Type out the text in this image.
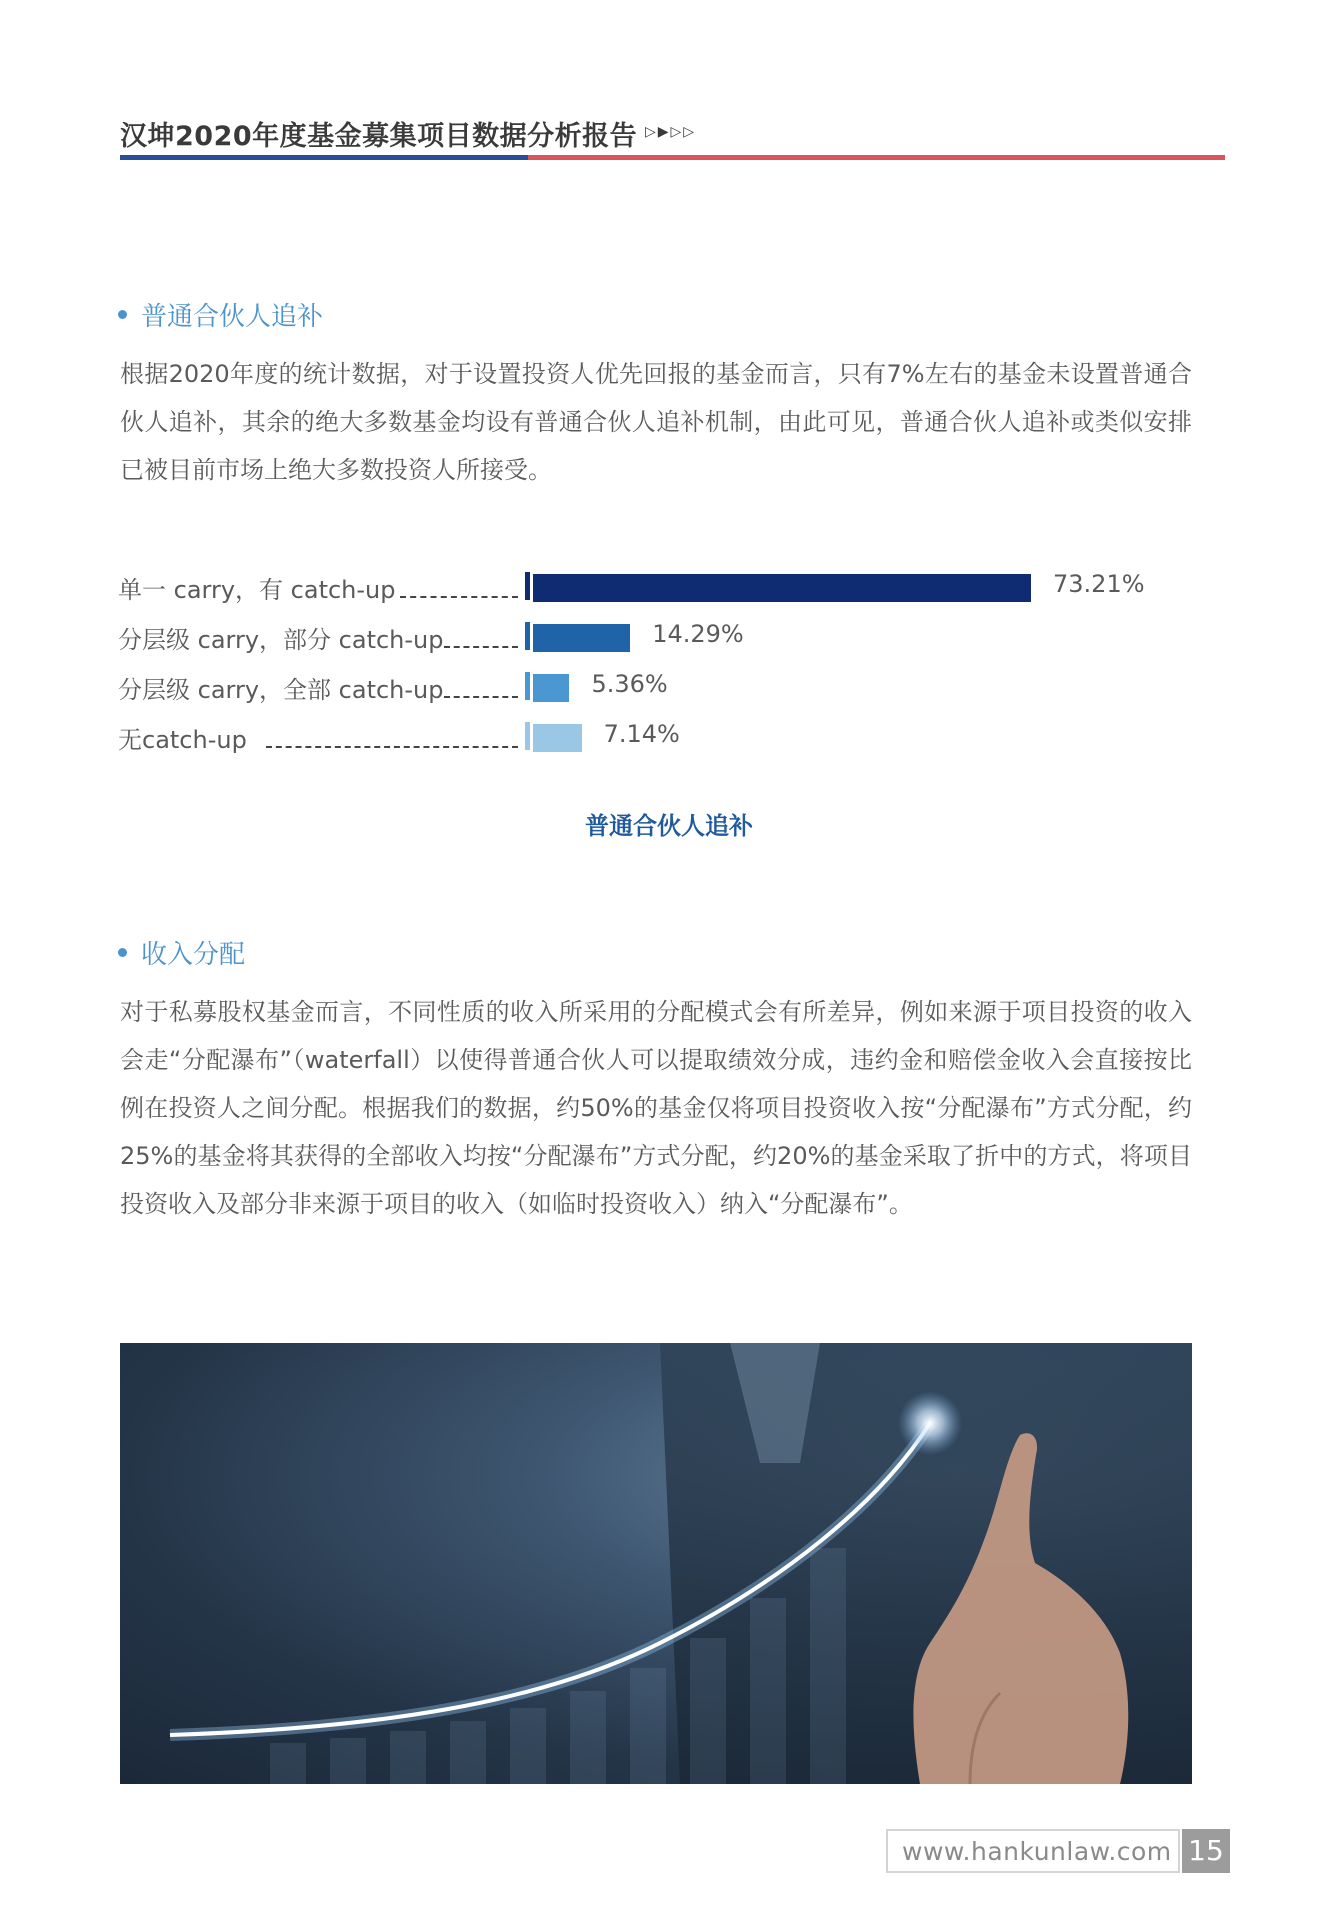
汉坤2020年度基金募集项目数据分析报告 ▷▶▷▷
普通合伙人追补

根据2020年度的统计数据，对于设置投资人优先回报的基金而言，只有7%左右的基金未设置普通合伙人追补，其余的绝大多数基金均设有普通合伙人追补机制，由此可见，普通合伙人追补或类似安排已被目前市场上绝大多数投资人所接受。

单一 carry，有 catch-up	73.21%
分层级 carry，部分 catch-up	14.29%
分层级 carry，全部 catch-up	5.36%
无catch-up	7.14%
普通合伙人追补
收入分配

对于私募股权基金而言，不同性质的收入所采用的分配模式会有所差异，例如来源于项目投资的收入会走“分配瀑布”（waterfall）以使得普通合伙人可以提取绩效分成，违约金和赔偿金收入会直接按比例在投资人之间分配。根据我们的数据，约50%的基金仅将项目投资收入按“分配瀑布”方式分配，约25%的基金将其获得的全部收入均按“分配瀑布”方式分配，约20%的基金采取了折中的方式，将项目投资收入及部分非来源于项目的收入（如临时投资收入）纳入“分配瀑布”。

www.hankunlaw.com 15
